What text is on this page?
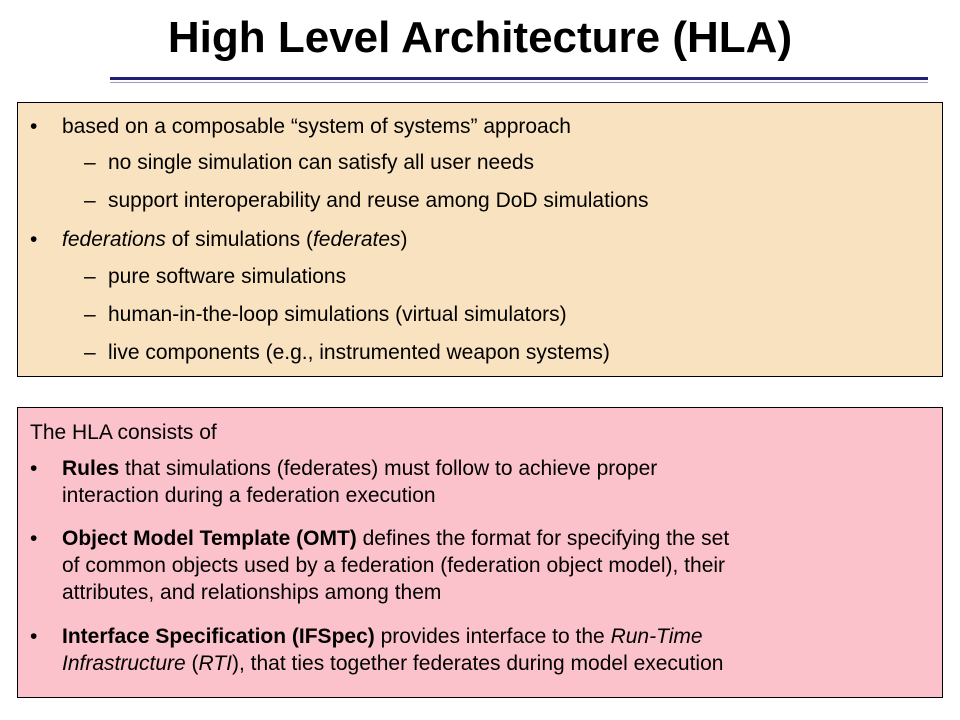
High Level Architecture (HLA)
• based on a composable “system of systems” approach
– no single simulation can satisfy all user needs
– support interoperability and reuse among DoD simulations
• federations of simulations (federates)
– pure software simulations
– human-in-the-loop simulations (virtual simulators)
– live components (e.g., instrumented weapon systems)
The HLA consists of
• Rules that simulations (federates) must follow to achieve proper
interaction during a federation execution
• Object Model Template (OMT) defines the format for specifying the set
of common objects used by a federation (federation object model), their
attributes, and relationships among them
• Interface Specification (IFSpec) provides interface to the Run-Time
Infrastructure (RTI), that ties together federates during model execution
